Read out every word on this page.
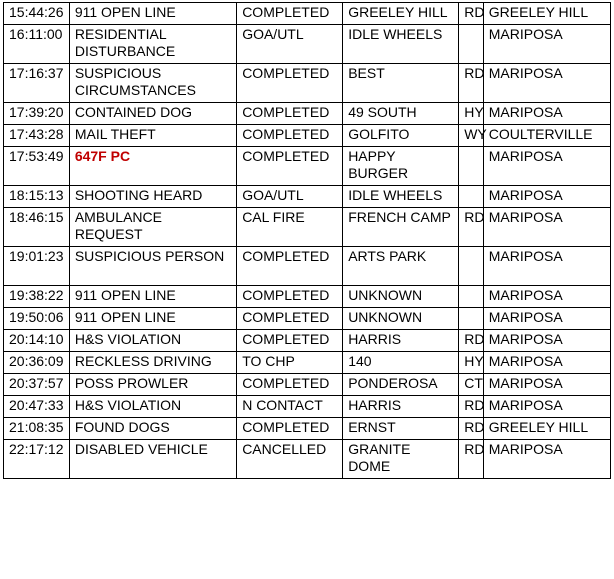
15:44:26	911 OPEN LINE	COMPLETED	GREELEY HILL	RD	GREELEY HILL
16:11:00	RESIDENTIAL DISTURBANCE	GOA/UTL	IDLE WHEELS		MARIPOSA
17:16:37	SUSPICIOUS CIRCUMSTANCES	COMPLETED	BEST	RD	MARIPOSA
17:39:20	CONTAINED DOG	COMPLETED	49 SOUTH	HY	MARIPOSA
17:43:28	MAIL THEFT	COMPLETED	GOLFITO	WY	COULTERVILLE
17:53:49	647F PC	COMPLETED	HAPPY BURGER		MARIPOSA
18:15:13	SHOOTING HEARD	GOA/UTL	IDLE WHEELS		MARIPOSA
18:46:15	AMBULANCE REQUEST	CAL FIRE	FRENCH CAMP	RD	MARIPOSA
19:01:23	SUSPICIOUS PERSON	COMPLETED	ARTS PARK		MARIPOSA
19:38:22	911 OPEN LINE	COMPLETED	UNKNOWN		MARIPOSA
19:50:06	911 OPEN LINE	COMPLETED	UNKNOWN		MARIPOSA
20:14:10	H&S VIOLATION	COMPLETED	HARRIS	RD	MARIPOSA
20:36:09	RECKLESS DRIVING	TO CHP	140	HY	MARIPOSA
20:37:57	POSS PROWLER	COMPLETED	PONDEROSA	CT	MARIPOSA
20:47:33	H&S VIOLATION	N CONTACT	HARRIS	RD	MARIPOSA
21:08:35	FOUND DOGS	COMPLETED	ERNST	RD	GREELEY HILL
22:17:12	DISABLED VEHICLE	CANCELLED	GRANITE DOME	RD	MARIPOSA
